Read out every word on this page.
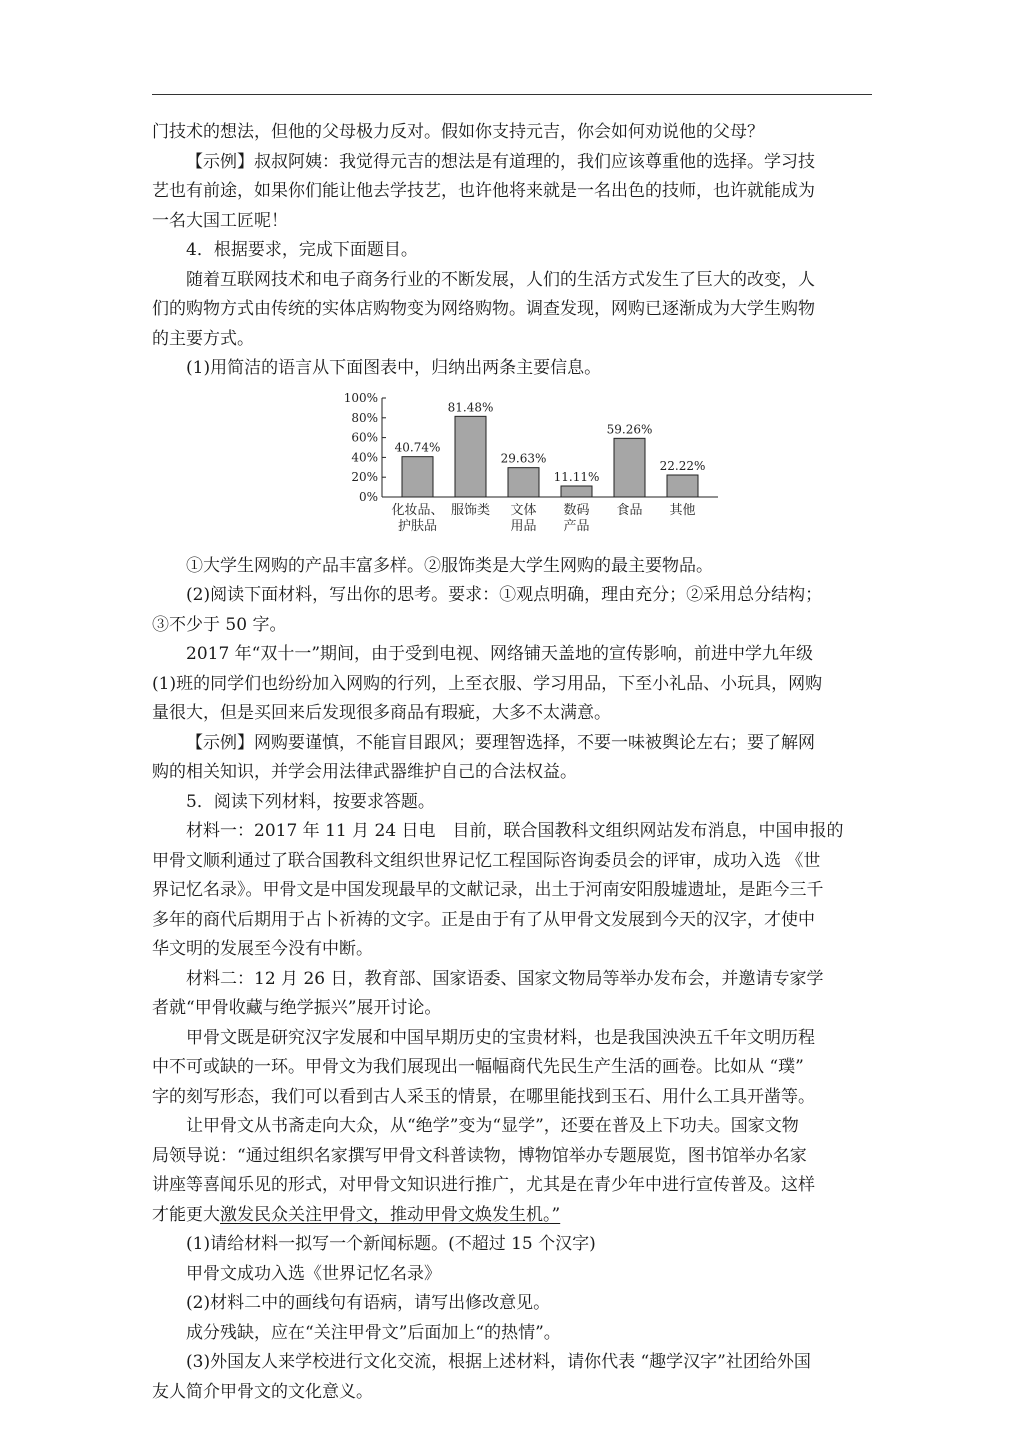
门技术的想法，但他的父母极力反对。假如你支持元吉，你会如何劝说他的父母？

【示例】叔叔阿姨：我觉得元吉的想法是有道理的，我们应该尊重他的选择。学习技

艺也有前途，如果你们能让他去学技艺，也许他将来就是一名出色的技师，也许就能成为

一名大国工匠呢！

4．根据要求，完成下面题目。

随着互联网技术和电子商务行业的不断发展，人们的生活方式发生了巨大的改变，人

们的购物方式由传统的实体店购物变为网络购物。调查发现，网购已逐渐成为大学生购物

的主要方式。

(1)用简洁的语言从下面图表中，归纳出两条主要信息。

0%
20%
40%
60%
80%
100%
40.74%
化妆品、
护肤品
81.48%
服饰类
29.63%
文体
用品
11.11%
数码
产品
59.26%
食品
22.22%
其他

①大学生网购的产品丰富多样。②服饰类是大学生网购的最主要物品。

(2)阅读下面材料，写出你的思考。要求：①观点明确，理由充分；②采用总分结构；

③不少于 50 字。

2017 年“双十一”期间，由于受到电视、网络铺天盖地的宣传影响，前进中学九年级

(1)班的同学们也纷纷加入网购的行列，上至衣服、学习用品，下至小礼品、小玩具，网购

量很大，但是买回来后发现很多商品有瑕疵，大多不太满意。

【示例】网购要谨慎，不能盲目跟风；要理智选择，不要一味被舆论左右；要了解网

购的相关知识，并学会用法律武器维护自己的合法权益。

5．阅读下列材料，按要求答题。

材料一：2017 年 11 月 24 日电　目前，联合国教科文组织网站发布消息，中国申报的

甲骨文顺利通过了联合国教科文组织世界记忆工程国际咨询委员会的评审，成功入选 《世

界记忆名录》。甲骨文是中国发现最早的文献记录，出土于河南安阳殷墟遗址，是距今三千

多年的商代后期用于占卜祈祷的文字。正是由于有了从甲骨文发展到今天的汉字，才使中

华文明的发展至今没有中断。

材料二：12 月 26 日，教育部、国家语委、国家文物局等举办发布会，并邀请专家学

者就“甲骨收藏与绝学振兴”展开讨论。

甲骨文既是研究汉字发展和中国早期历史的宝贵材料，也是我国泱泱五千年文明历程

中不可或缺的一环。甲骨文为我们展现出一幅幅商代先民生产生活的画卷。比如从 “璞”

字的刻写形态，我们可以看到古人采玉的情景，在哪里能找到玉石、用什么工具开凿等。

让甲骨文从书斋走向大众，从“绝学”变为“显学”，还要在普及上下功夫。国家文物

局领导说：“通过组织名家撰写甲骨文科普读物，博物馆举办专题展览，图书馆举办名家

讲座等喜闻乐见的形式，对甲骨文知识进行推广，尤其是在青少年中进行宣传普及。这样

才能更大激发民众关注甲骨文，推动甲骨文焕发生机。”

(1)请给材料一拟写一个新闻标题。(不超过 15 个汉字)

甲骨文成功入选《世界记忆名录》

(2)材料二中的画线句有语病，请写出修改意见。

成分残缺，应在“关注甲骨文”后面加上“的热情”。

(3)外国友人来学校进行文化交流，根据上述材料，请你代表 “趣学汉字”社团给外国

友人简介甲骨文的文化意义。
